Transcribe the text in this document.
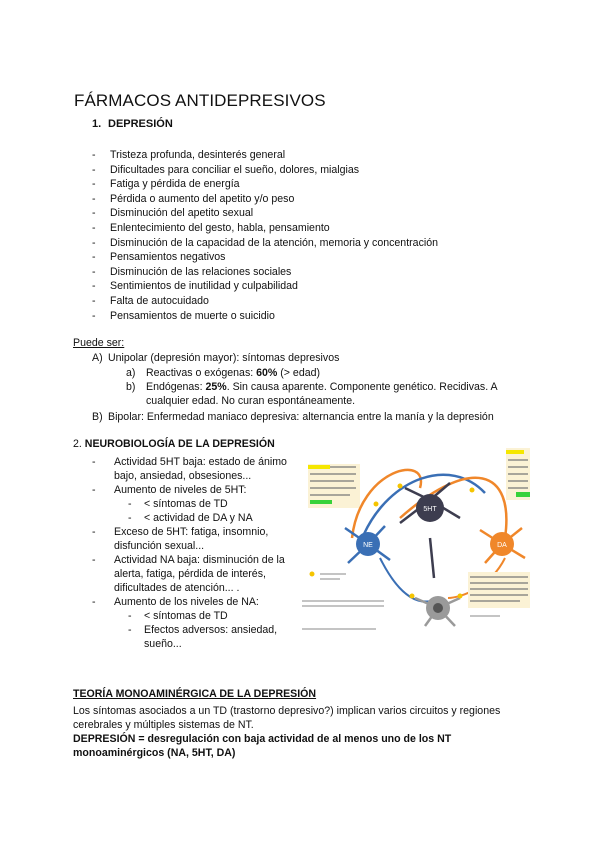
FÁRMACOS ANTIDEPRESIVOS
1. DEPRESIÓN
- Tristeza profunda, desinterés general
- Dificultades para conciliar el sueño, dolores, mialgias
- Fatiga y pérdida de energía
- Pérdida o aumento del apetito y/o peso
- Disminución del apetito sexual
- Enlentecimiento del gesto, habla, pensamiento
- Disminución de la capacidad de la atención, memoria y concentración
- Pensamientos negativos
- Disminución de las relaciones sociales
- Sentimientos de inutilidad y culpabilidad
- Falta de autocuidado
- Pensamientos de muerte o suicidio
Puede ser:
A) Unipolar (depresión mayor): síntomas depresivos
a) Reactivas o exógenas: 60% (> edad)
b) Endógenas: 25%. Sin causa aparente. Componente genético. Recidivas. A
cualquier edad. No curan espontáneamente.
B) Bipolar: Enfermedad maniaco depresiva: alternancia entre la manía y la depresión
2. NEUROBIOLOGÍA DE LA DEPRESIÓN
- Actividad 5HT baja: estado de ánimo bajo, ansiedad, obsesiones...
- Aumento de niveles de 5HT:
- < síntomas de TD
- < actividad de DA y NA
- Exceso de 5HT: fatiga, insomnio, disfunción sexual...
- Actividad NA baja: disminución de la alerta, fatiga, pérdida de interés, dificultades de atención... .
- Aumento de los niveles de NA:
- < síntomas de TD
- Efectos adversos: ansiedad, sueño...
5HT
NE	DA
TEORÍA MONOAMINÉRGICA DE LA DEPRESIÓN
Los síntomas asociados a un TD (trastorno depresivo?) implican varios circuitos y regiones
cerebrales y múltiples sistemas de NT.
DEPRESIÓN = desregulación con baja actividad de al menos uno de los NT
monoaminérgicos (NA, 5HT, DA)
